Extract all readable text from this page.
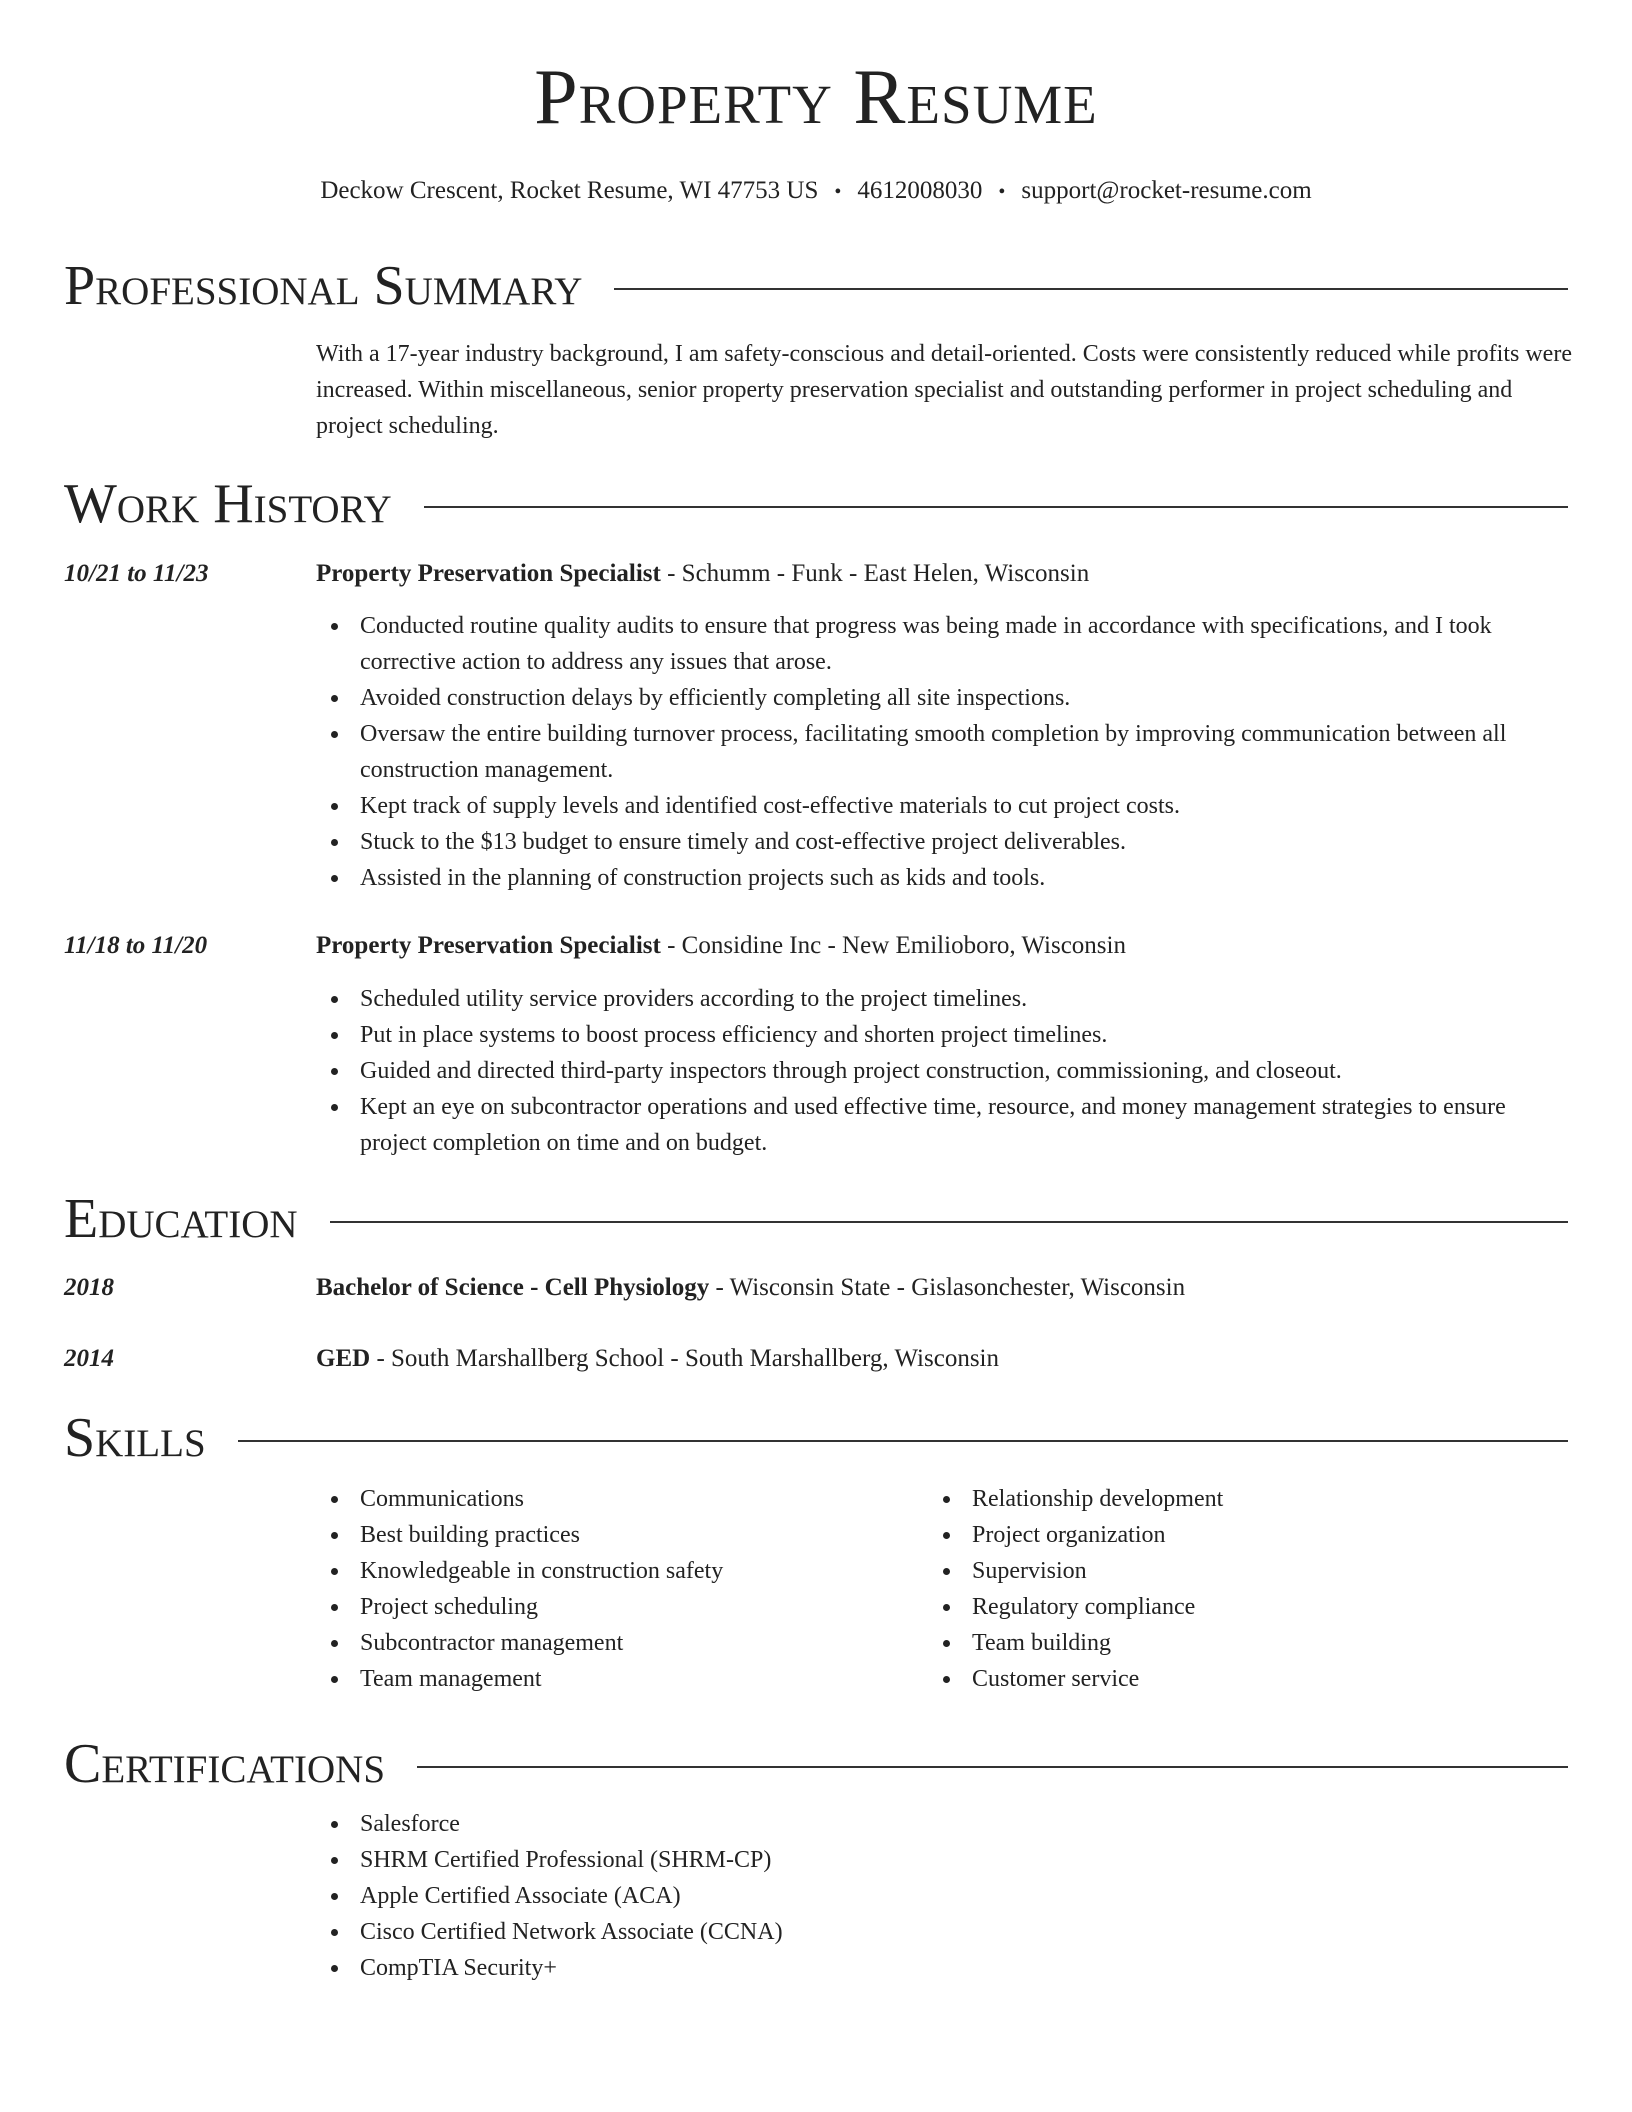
Property Resume
Deckow Crescent, Rocket Resume, WI 47753 US • 4612008030 • support@rocket-resume.com
Professional Summary
With a 17-year industry background, I am safety-conscious and detail-oriented. Costs were consistently reduced while profits were increased. Within miscellaneous, senior property preservation specialist and outstanding performer in project scheduling and project scheduling.
Work History
10/21 to 11/23	Property Preservation Specialist - Schumm - Funk - East Helen, Wisconsin
Conducted routine quality audits to ensure that progress was being made in accordance with specifications, and I took corrective action to address any issues that arose.
Avoided construction delays by efficiently completing all site inspections.
Oversaw the entire building turnover process, facilitating smooth completion by improving communication between all construction management.
Kept track of supply levels and identified cost-effective materials to cut project costs.
Stuck to the $13 budget to ensure timely and cost-effective project deliverables.
Assisted in the planning of construction projects such as kids and tools.
11/18 to 11/20	Property Preservation Specialist - Considine Inc - New Emilioboro, Wisconsin
Scheduled utility service providers according to the project timelines.
Put in place systems to boost process efficiency and shorten project timelines.
Guided and directed third-party inspectors through project construction, commissioning, and closeout.
Kept an eye on subcontractor operations and used effective time, resource, and money management strategies to ensure project completion on time and on budget.
Education
2018	Bachelor of Science - Cell Physiology - Wisconsin State - Gislasonchester, Wisconsin
2014	GED - South Marshallberg School - South Marshallberg, Wisconsin
Skills
Communications
Best building practices
Knowledgeable in construction safety
Project scheduling
Subcontractor management
Team management
Relationship development
Project organization
Supervision
Regulatory compliance
Team building
Customer service
Certifications
Salesforce
SHRM Certified Professional (SHRM-CP)
Apple Certified Associate (ACA)
Cisco Certified Network Associate (CCNA)
CompTIA Security+
